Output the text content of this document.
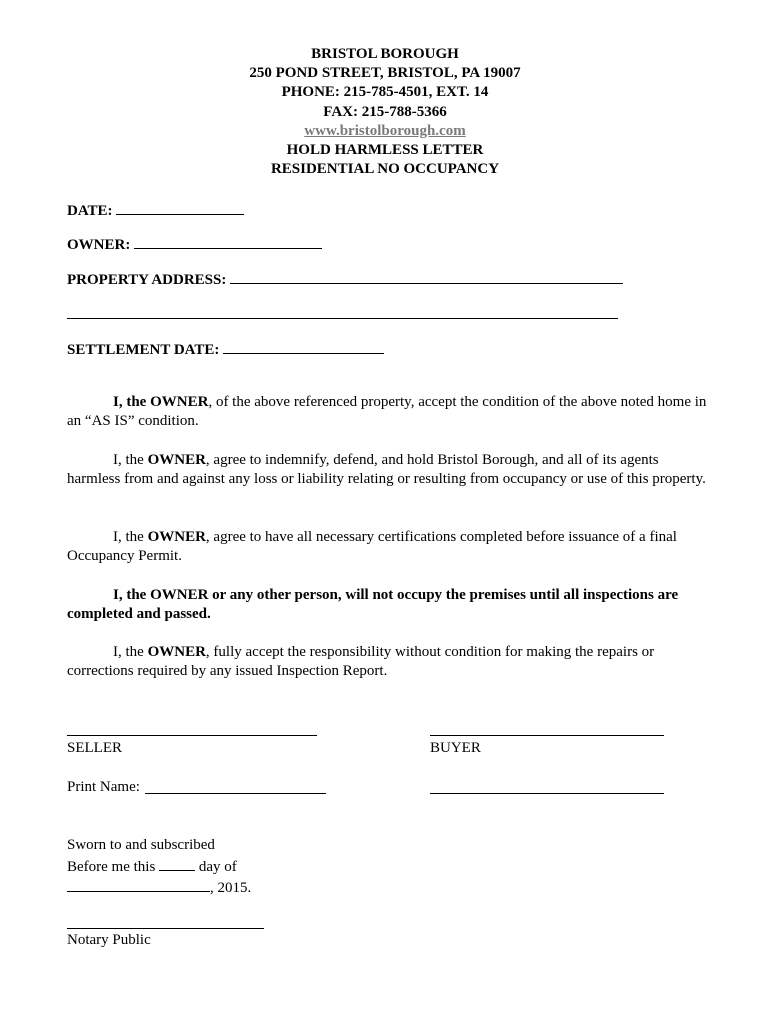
BRISTOL BOROUGH
250 POND STREET, BRISTOL, PA 19007
PHONE: 215-785-4501, EXT. 14
FAX: 215-788-5366
www.bristolborough.com
HOLD HARMLESS LETTER
RESIDENTIAL NO OCCUPANCY
DATE:
OWNER:
PROPERTY ADDRESS:
SETTLEMENT DATE:
I, the OWNER, of the above referenced property, accept the condition of the above noted home in an “AS IS” condition.
I, the OWNER, agree to indemnify, defend, and hold Bristol Borough, and all of its agents harmless from and against any loss or liability relating or resulting from occupancy or use of this property.
I, the OWNER, agree to have all necessary certifications completed before issuance of a final Occupancy Permit.
I, the OWNER or any other person, will not occupy the premises until all inspections are completed and passed.
I, the OWNER, fully accept the responsibility without condition for making the repairs or corrections required by any issued Inspection Report.
SELLER	BUYER
Print Name:
Sworn to and subscribed
Before me this	day of
, 2015.
Notary Public
